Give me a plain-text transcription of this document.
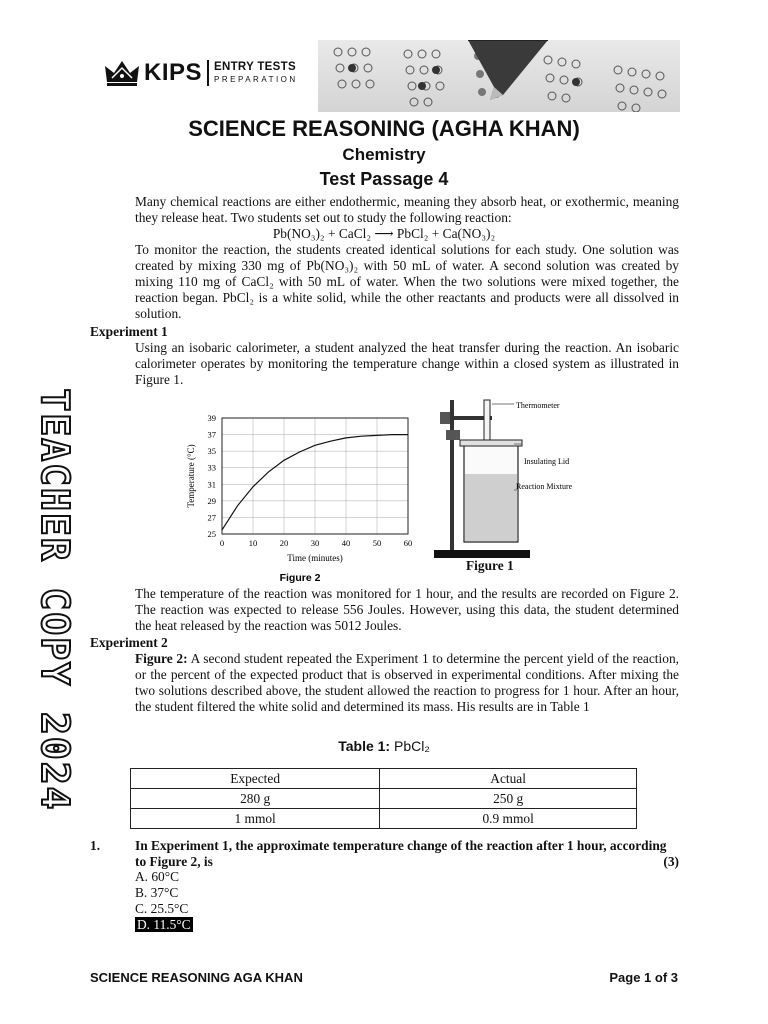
KIPS ENTRY TESTS
PREPARATION
SCIENCE REASONING (AGHA KHAN)
Chemistry
Test Passage 4
TEACHER COPY 2024
Many chemical reactions are either endothermic, meaning they absorb heat, or exothermic, meaning they release heat. Two students set out to study the following reaction:
Pb(NO₃)₂ + CaCl₂ ⟶ PbCl₂ + Ca(NO₃)₂
To monitor the reaction, the students created identical solutions for each study. One solution was created by mixing 330 mg of Pb(NO₃)₂ with 50 mL of water. A second solution was created by mixing 110 mg of CaCl₂ with 50 mL of water. When the two solutions were mixed together, the reaction began. PbCl₂ is a white solid, while the other reactants and products were all dissolved in solution.
Experiment 1
Using an isobaric calorimeter, a student analyzed the heat transfer during the reaction. An isobaric calorimeter operates by monitoring the temperature change within a closed system as illustrated in Figure 1.
25
27
29
31
33
35
37
39
0	10	20	30	40	50	60
Time (minutes)
Temperature (°C)
Figure 2
Thermometer
Insulating Lid
Reaction Mixture
Figure 1
The temperature of the reaction was monitored for 1 hour, and the results are recorded on Figure 2. The reaction was expected to release 556 Joules. However, using this data, the student determined the heat released by the reaction was 5012 Joules.
Experiment 2
Figure 2: A second student repeated the Experiment 1 to determine the percent yield of the reaction, or the percent of the expected product that is observed in experimental conditions. After mixing the two solutions described above, the student allowed the reaction to progress for 1 hour. After an hour, the student filtered the white solid and determined its mass. His results are in Table 1
Table 1: PbCl₂
Expected	Actual
280 g	250 g
1 mmol	0.9 mmol
1.	In Experiment 1, the approximate temperature change of the reaction after 1 hour, according to Figure 2, is	(3)
A. 60°C
B. 37°C
C. 25.5°C
D. 11.5°C
SCIENCE REASONING AGA KHAN	Page 1 of 3
